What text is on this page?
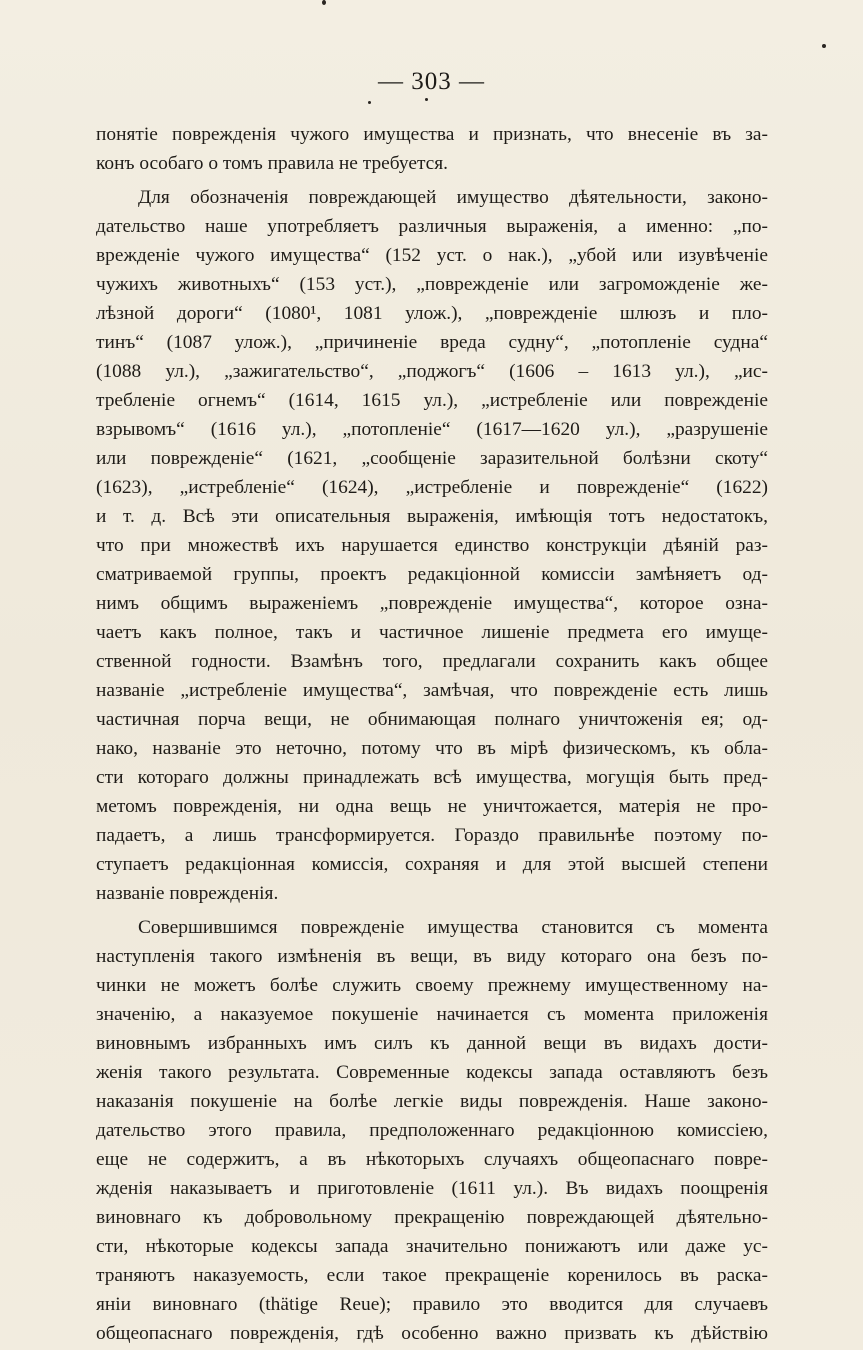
— 303 —
понятіе поврежденія чужого имущества и признать, что внесеніе въ за-
конъ особаго о томъ правила не требуется.
Для обозначенія повреждающей имущество дѣятельности, законо-
дательство наше употребляетъ различныя выраженія, а именно: „по-
врежденіе чужого имущества“ (152 уст. о нак.), „убой или изувѣченіе
чужихъ животныхъ“ (153 уст.), „поврежденіе или загроможденіе же-
лѣзной дороги“ (1080¹, 1081 улож.), „поврежденіе шлюзъ и пло-
тинъ“ (1087 улож.), „причиненіе вреда судну“, „потопленіе судна“
(1088 ул.), „зажигательство“, „поджогъ“ (1606 – 1613 ул.), „ис-
требленіе огнемъ“ (1614, 1615 ул.), „истребленіе или поврежденіе
взрывомъ“ (1616 ул.), „потопленіе“ (1617—1620 ул.), „разрушеніе
или поврежденіе“ (1621, „сообщеніе заразительной болѣзни скоту“
(1623), „истребленіе“ (1624), „истребленіе и поврежденіе“ (1622)
и т. д. Всѣ эти описательныя выраженія, имѣющія тотъ недостатокъ,
что при множествѣ ихъ нарушается единство конструкціи дѣяній раз-
сматриваемой группы, проектъ редакціонной комиссіи замѣняетъ од-
нимъ общимъ выраженіемъ „поврежденіе имущества“, которое озна-
чаетъ какъ полное, такъ и частичное лишеніе предмета его имуще-
ственной годности. Взамѣнъ того, предлагали сохранить какъ общее
названіе „истребленіе имущества“, замѣчая, что поврежденіе есть лишь
частичная порча вещи, не обнимающая полнаго уничтоженія ея; од-
нако, названіе это неточно, потому что въ мірѣ физическомъ, къ обла-
сти котораго должны принадлежать всѣ имущества, могущія быть пред-
метомъ поврежденія, ни одна вещь не уничтожается, матерія не про-
падаетъ, а лишь трансформируется. Гораздо правильнѣе поэтому по-
ступаетъ редакціонная комиссія, сохраняя и для этой высшей степени
названіе поврежденія.
Совершившимся поврежденіе имущества становится съ момента
наступленія такого измѣненія въ вещи, въ виду котораго она безъ по-
чинки не можетъ болѣе служить своему прежнему имущественному на-
значенію, а наказуемое покушеніе начинается съ момента приложенія
виновнымъ избранныхъ имъ силъ къ данной вещи въ видахъ дости-
женія такого результата. Современные кодексы запада оставляютъ безъ
наказанія покушеніе на болѣе легкіе виды поврежденія. Наше законо-
дательство этого правила, предположеннаго редакціонною комиссіею,
еще не содержитъ, а въ нѣкоторыхъ случаяхъ общеопаснаго повре-
жденія наказываетъ и приготовленіе (1611 ул.). Въ видахъ поощренія
виновнаго къ добровольному прекращенію повреждающей дѣятельно-
сти, нѣкоторые кодексы запада значительно понижаютъ или даже ус-
траняютъ наказуемость, если такое прекращеніе коренилось въ раска-
яніи виновнаго (thätige Reue); правило это вводится для случаевъ
общеопаснаго поврежденія, гдѣ особенно важно призвать къ дѣйствію
